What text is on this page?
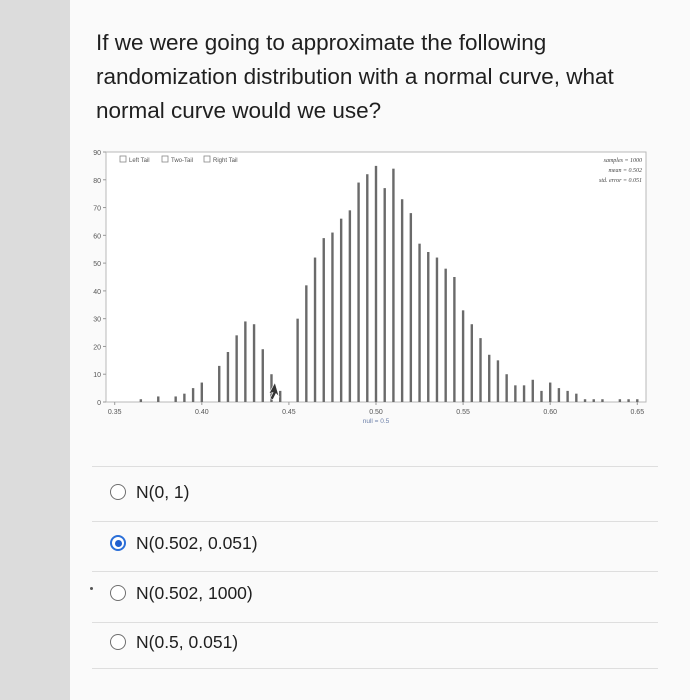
If we were going to approximate the following
randomization distribution with a normal curve, what
normal curve would we use?
0
10
20
30
40
50
60
70
80
90
0.35	0.40	0.45	0.50	0.55	0.60	0.65
null = 0.5
Left Tail	Two-Tail	Right Tail	samples = 1000
mean = 0.502
std. error = 0.051
N(0, 1)
N(0.502, 0.051)
N(0.502, 1000)
N(0.5, 0.051)
